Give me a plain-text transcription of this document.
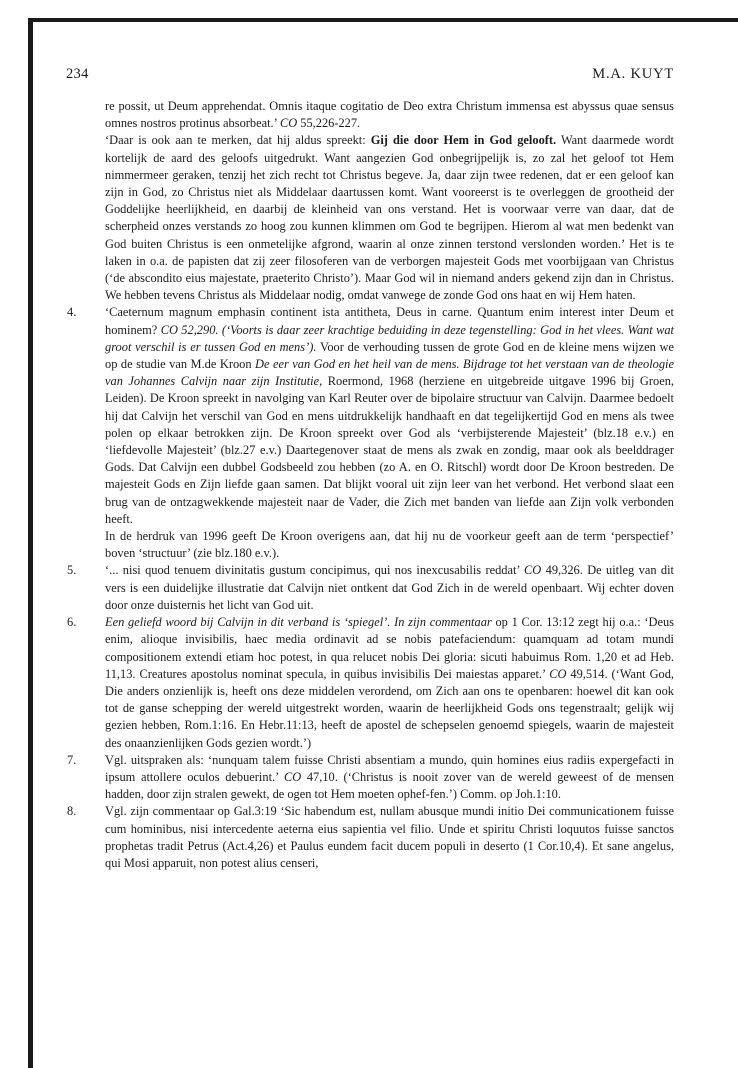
234	M.A. KUYT

re possit, ut Deum apprehendat. Omnis itaque cogitatio de Deo extra Christum immensa est abyssus quae sensus omnes nostros protinus absorbeat.’ CO 55,226-227.

‘Daar is ook aan te merken, dat hij aldus spreekt: Gij die door Hem in God gelooft. Want daarmede wordt kortelijk de aard des geloofs uitgedrukt. Want aangezien God onbegrijpelijk is, zo zal het geloof tot Hem nimmermeer geraken, tenzij het zich recht tot Christus begeve. Ja, daar zijn twee redenen, dat er een geloof kan zijn in God, zo Christus niet als Middelaar daartussen komt. Want vooreerst is te overleggen de grootheid der Goddelijke heerlijkheid, en daarbij de kleinheid van ons verstand. Het is voorwaar verre van daar, dat de scherpheid onzes verstands zo hoog zou kunnen klimmen om God te begrijpen. Hierom al wat men bedenkt van God buiten Christus is een onmetelijke afgrond, waarin al onze zinnen terstond verslonden worden.’ Het is te laken in o.a. de papisten dat zij zeer filosoferen van de verborgen majesteit Gods met voorbijgaan van Christus (‘de abscondito eius majestate, praeterito Christo’). Maar God wil in niemand anders gekend zijn dan in Christus. We hebben tevens Christus als Middelaar nodig, omdat vanwege de zonde God ons haat en wij Hem haten.

4. ‘Caeternum magnum emphasin continent ista antitheta, Deus in carne. Quantum enim interest inter Deum et hominem? CO 52,290. (‘Voorts is daar zeer krachtige beduiding in deze tegenstelling: God in het vlees. Want wat groot verschil is er tussen God en mens’). Voor de verhouding tussen de grote God en de kleine mens wijzen we op de studie van M.de Kroon De eer van God en het heil van de mens. Bijdrage tot het verstaan van de theologie van Johannes Calvijn naar zijn Institutie, Roermond, 1968 (herziene en uitgebreide uitgave 1996 bij Groen, Leiden). De Kroon spreekt in navolging van Karl Reuter over de bipolaire structuur van Calvijn. Daarmee bedoelt hij dat Calvijn het verschil van God en mens uitdrukkelijk handhaaft en dat tegelijkertijd God en mens als twee polen op elkaar betrokken zijn. De Kroon spreekt over God als ‘verbijsterende Majesteit’ (blz.18 e.v.) en ‘liefdevolle Majesteit’ (blz.27 e.v.) Daartegenover staat de mens als zwak en zondig, maar ook als beelddrager Gods. Dat Calvijn een dubbel Godsbeeld zou hebben (zo A. en O. Ritschl) wordt door De Kroon bestreden. De majesteit Gods en Zijn liefde gaan samen. Dat blijkt vooral uit zijn leer van het verbond. Het verbond slaat een brug van de ontzagwekkende majesteit naar de Vader, die Zich met banden van liefde aan Zijn volk verbonden heeft.

In de herdruk van 1996 geeft De Kroon overigens aan, dat hij nu de voorkeur geeft aan de term ‘perspectief’ boven ‘structuur’ (zie blz.180 e.v.).

5. ‘... nisi quod tenuem divinitatis gustum concipimus, qui nos inexcusabilis reddat’ CO 49,326. De uitleg van dit vers is een duidelijke illustratie dat Calvijn niet ontkent dat God Zich in de wereld openbaart. Wij echter doven door onze duisternis het licht van God uit.

6. Een geliefd woord bij Calvijn in dit verband is ‘spiegel’. In zijn commentaar op 1 Cor. 13:12 zegt hij o.a.: ‘Deus enim, alioque invisibilis, haec media ordinavit ad se nobis patefaciendum: quamquam ad totam mundi compositionem extendi etiam hoc potest, in qua relucet nobis Dei gloria: sicuti habuimus Rom. 1,20 et ad Heb. 11,13. Creatures apostolus nominat specula, in quibus invisibilis Dei maiestas apparet.’ CO 49,514. (‘Want God, Die anders onzienlijk is, heeft ons deze middelen verordend, om Zich aan ons te openbaren: hoewel dit kan ook tot de ganse schepping der wereld uitgestrekt worden, waarin de heerlijkheid Gods ons tegenstraalt; gelijk wij gezien hebben, Rom.1:16. En Hebr.11:13, heeft de apostel de schepselen genoemd spiegels, waarin de majesteit des onaanzienlijken Gods gezien wordt.’)

7. Vgl. uitspraken als: ‘nunquam talem fuisse Christi absentiam a mundo, quin homines eius radiis expergefacti in ipsum attollere oculos debuerint.’ CO 47,10. (‘Christus is nooit zover van de wereld geweest of de mensen hadden, door zijn stralen gewekt, de ogen tot Hem moeten ophef-fen.’) Comm. op Joh.1:10.

8. Vgl. zijn commentaar op Gal.3:19 ‘Sic habendum est, nullam abusque mundi initio Dei communicationem fuisse cum hominibus, nisi intercedente aeterna eius sapientia vel filio. Unde et spiritu Christi loquutos fuisse sanctos prophetas tradit Petrus (Act.4,26) et Paulus eundem facit ducem populi in deserto (1 Cor.10,4). Et sane angelus, qui Mosi apparuit, non potest alius censeri,
